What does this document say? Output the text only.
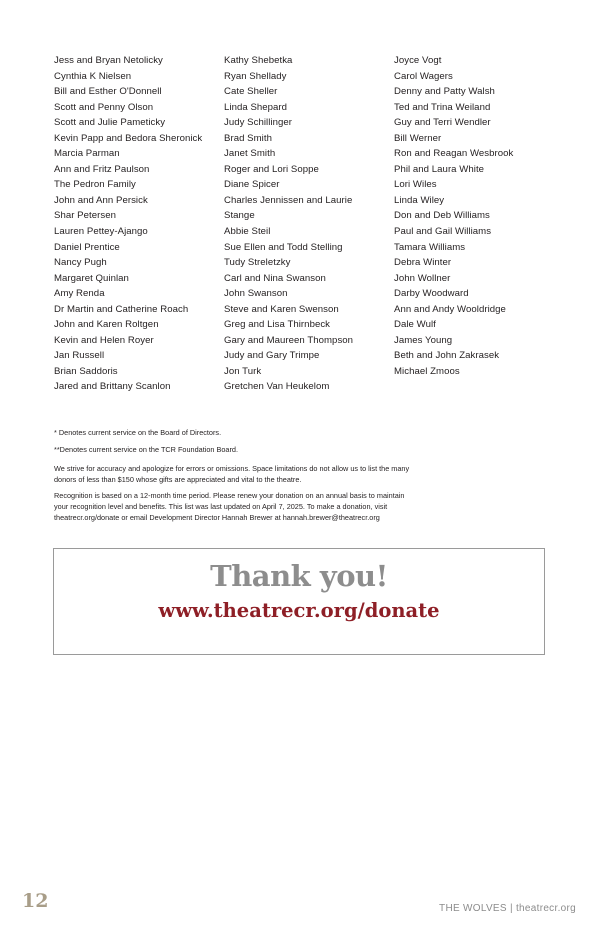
Jess and Bryan Netolicky
Cynthia K Nielsen
Bill and Esther O'Donnell
Scott and Penny Olson
Scott and Julie Pameticky
Kevin Papp and Bedora Sheronick
Marcia Parman
Ann and Fritz Paulson
The Pedron Family
John and Ann Persick
Shar Petersen
Lauren Pettey-Ajango
Daniel Prentice
Nancy Pugh
Margaret Quinlan
Amy Renda
Dr Martin and Catherine Roach
John and Karen Roltgen
Kevin and Helen Royer
Jan Russell
Brian Saddoris
Jared and Brittany Scanlon
Kathy Shebetka
Ryan Shellady
Cate Sheller
Linda Shepard
Judy Schillinger
Brad Smith
Janet Smith
Roger and Lori Soppe
Diane Spicer
Charles Jennissen and Laurie
Stange
Abbie Steil
Sue Ellen and Todd Stelling
Tudy Streletzky
Carl and Nina Swanson
John Swanson
Steve and Karen Swenson
Greg and Lisa Thirnbeck
Gary and Maureen Thompson
Judy and Gary Trimpe
Jon Turk
Gretchen Van Heukelom
Joyce Vogt
Carol Wagers
Denny and Patty Walsh
Ted and Trina Weiland
Guy and Terri Wendler
Bill Werner
Ron and Reagan Wesbrook
Phil and Laura White
Lori Wiles
Linda Wiley
Don and Deb Williams
Paul and Gail Williams
Tamara Williams
Debra Winter
John Wollner
Darby Woodward
Ann and Andy Wooldridge
Dale Wulf
James Young
Beth and John Zakrasek
Michael Zmoos

* Denotes current service on the Board of Directors.

**Denotes current service on the TCR Foundation Board.

We strive for accuracy and apologize for errors or omissions. Space limitations do not allow us to list the many

donors of less than $150 whose gifts are appreciated and vital to the theatre.

Recognition is based on a 12-month time period. Please renew your donation on an annual basis to maintain

your recognition level and benefits. This list was last updated on April 7, 2025. To make a donation, visit

theatrecr.org/donate or email Development Director Hannah Brewer at hannah.brewer@theatrecr.org

Thank you!
www.theatrecr.org/donate
12	THE WOLVES | theatrecr.org
